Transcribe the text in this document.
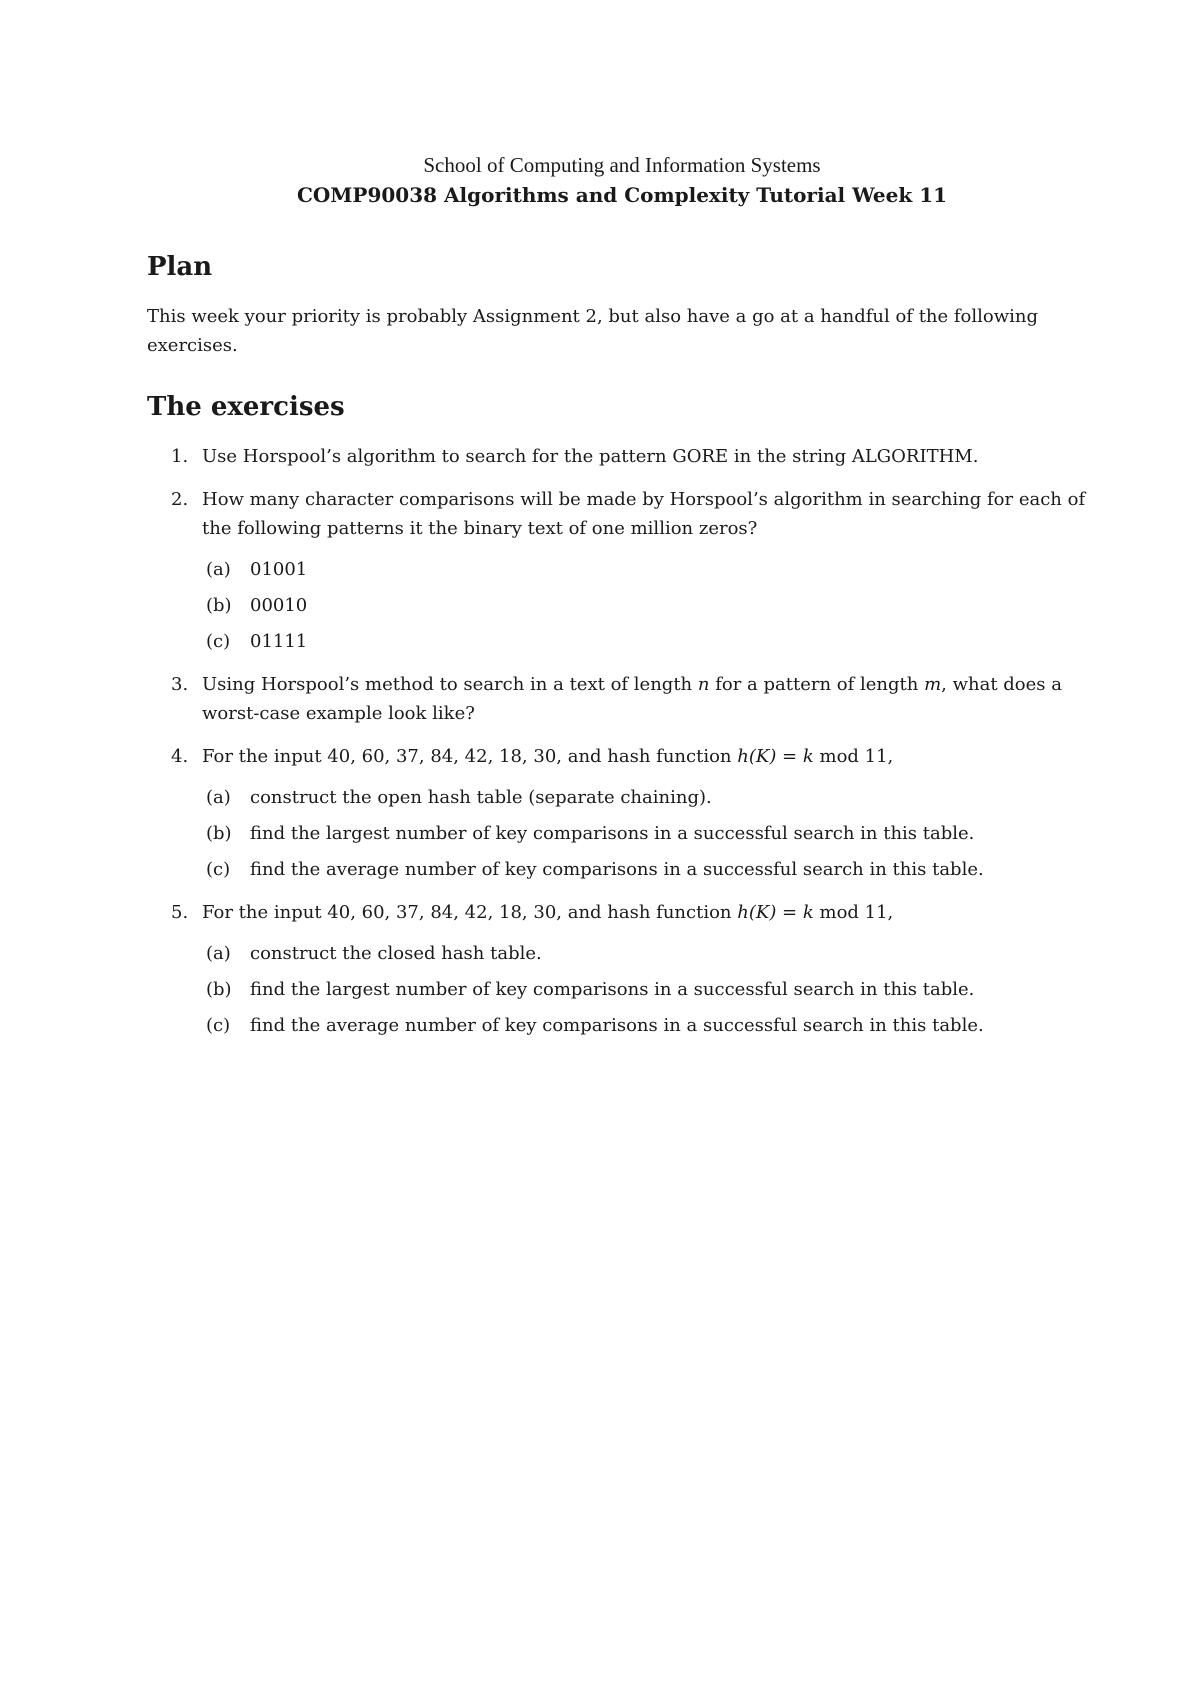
School of Computing and Information Systems
COMP90038 Algorithms and Complexity Tutorial Week 11
Plan

This week your priority is probably Assignment 2, but also have a go at a handful of the following exercises.

The exercises
1. Use Horspool’s algorithm to search for the pattern GORE in the string ALGORITHM.
2. How many character comparisons will be made by Horspool’s algorithm in searching for each of the following patterns it the binary text of one million zeros?
(a) 01001
(b) 00010
(c) 01111
3. Using Horspool’s method to search in a text of length n for a pattern of length m, what does a worst-case example look like?
4. For the input 40, 60, 37, 84, 42, 18, 30, and hash function h(K) = k mod 11,
(a) construct the open hash table (separate chaining).
(b) find the largest number of key comparisons in a successful search in this table.
(c) find the average number of key comparisons in a successful search in this table.
5. For the input 40, 60, 37, 84, 42, 18, 30, and hash function h(K) = k mod 11,
(a) construct the closed hash table.
(b) find the largest number of key comparisons in a successful search in this table.
(c) find the average number of key comparisons in a successful search in this table.
